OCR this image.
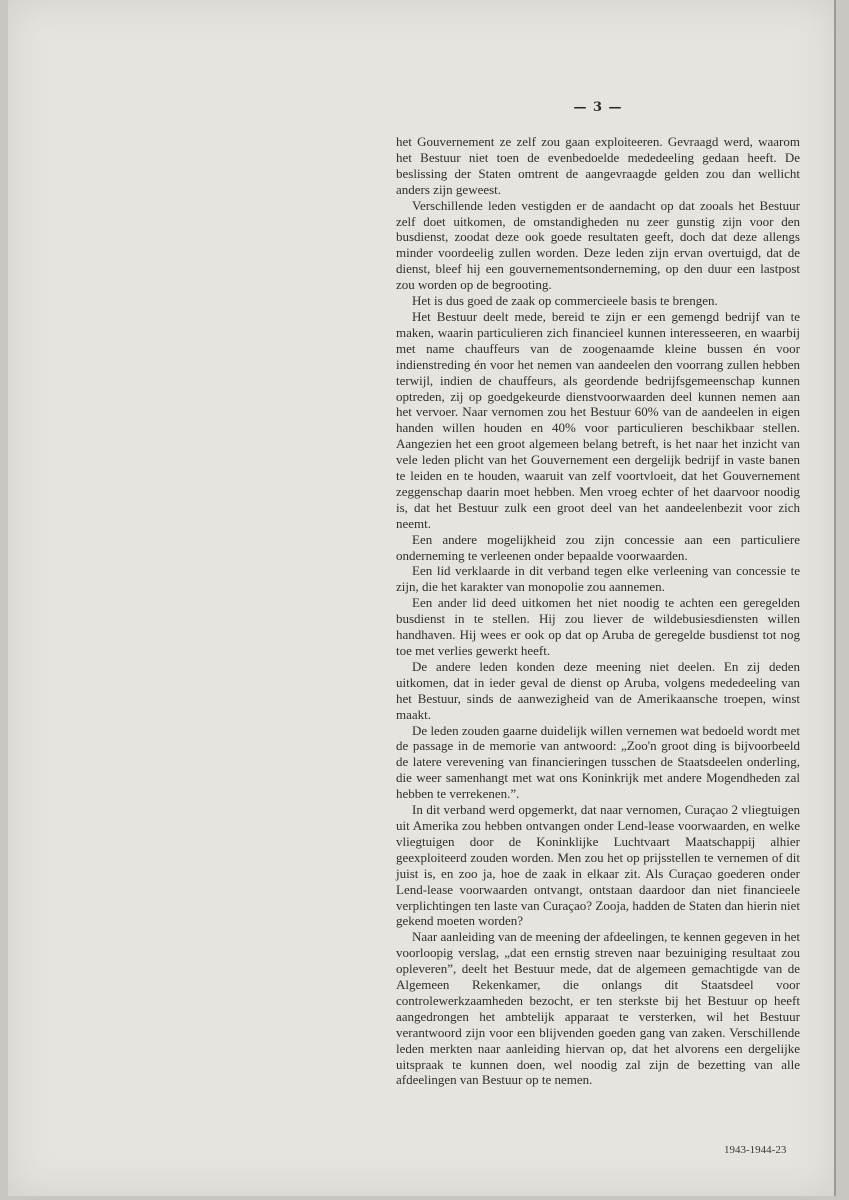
— 3 —

het Gouvernement ze zelf zou gaan exploiteeren. Gevraagd werd, waarom het Bestuur niet toen de evenbedoelde mededeeling gedaan heeft. De beslissing der Staten omtrent de aangevraagde gelden zou dan wellicht anders zijn geweest.

Verschillende leden vestigden er de aandacht op dat zooals het Bestuur zelf doet uitkomen, de omstandigheden nu zeer gunstig zijn voor den busdienst, zoodat deze ook goede resultaten geeft, doch dat deze allengs minder voordeelig zullen worden. Deze leden zijn ervan overtuigd, dat de dienst, bleef hij een gouvernementsonderneming, op den duur een lastpost zou worden op de begrooting.

Het is dus goed de zaak op commercieele basis te brengen.

Het Bestuur deelt mede, bereid te zijn er een gemengd bedrijf van te maken, waarin particulieren zich financieel kunnen interesseeren, en waarbij met name chauffeurs van de zoogenaamde kleine bussen én voor indienstreding én voor het nemen van aandeelen den voorrang zullen hebben terwijl, indien de chauffeurs, als geordende bedrijfsgemeenschap kunnen optreden, zij op goedgekeurde dienstvoorwaarden deel kunnen nemen aan het vervoer. Naar vernomen zou het Bestuur 60% van de aandeelen in eigen handen willen houden en 40% voor particulieren beschikbaar stellen. Aangezien het een groot algemeen belang betreft, is het naar het inzicht van vele leden plicht van het Gouvernement een dergelijk bedrijf in vaste banen te leiden en te houden, waaruit van zelf voortvloeit, dat het Gouvernement zeggenschap daarin moet hebben. Men vroeg echter of het daarvoor noodig is, dat het Bestuur zulk een groot deel van het aandeelenbezit voor zich neemt.

Een andere mogelijkheid zou zijn concessie aan een particuliere onderneming te verleenen onder bepaalde voorwaarden.

Een lid verklaarde in dit verband tegen elke verleening van concessie te zijn, die het karakter van monopolie zou aannemen.

Een ander lid deed uitkomen het niet noodig te achten een geregelden busdienst in te stellen. Hij zou liever de wildebusiesdiensten willen handhaven. Hij wees er ook op dat op Aruba de geregelde busdienst tot nog toe met verlies gewerkt heeft.

De andere leden konden deze meening niet deelen. En zij deden uitkomen, dat in ieder geval de dienst op Aruba, volgens mededeeling van het Bestuur, sinds de aanwezigheid van de Amerikaansche troepen, winst maakt.

De leden zouden gaarne duidelijk willen vernemen wat bedoeld wordt met de passage in de memorie van antwoord: „Zoo'n groot ding is bijvoorbeeld de latere verevening van financieringen tusschen de Staatsdeelen onderling, die weer samenhangt met wat ons Koninkrijk met andere Mogendheden zal hebben te verrekenen.”.

In dit verband werd opgemerkt, dat naar vernomen, Curaçao 2 vliegtuigen uit Amerika zou hebben ontvangen onder Lend-lease voorwaarden, en welke vliegtuigen door de Koninklijke Luchtvaart Maatschappij alhier geexploiteerd zouden worden. Men zou het op prijsstellen te vernemen of dit juist is, en zoo ja, hoe de zaak in elkaar zit. Als Curaçao goederen onder Lend-lease voorwaarden ontvangt, ontstaan daardoor dan niet financieele verplichtingen ten laste van Curaçao? Zooja, hadden de Staten dan hierin niet gekend moeten worden?

Naar aanleiding van de meening der afdeelingen, te kennen gegeven in het voorloopig verslag, „dat een ernstig streven naar bezuiniging resultaat zou opleveren”, deelt het Bestuur mede, dat de algemeen gemachtigde van de Algemeen Rekenkamer, die onlangs dit Staatsdeel voor controlewerkzaamheden bezocht, er ten sterkste bij het Bestuur op heeft aangedrongen het ambtelijk apparaat te versterken, wil het Bestuur verantwoord zijn voor een blijvenden goeden gang van zaken. Verschillende leden merkten naar aanleiding hiervan op, dat het alvorens een dergelijke uitspraak te kunnen doen, wel noodig zal zijn de bezetting van alle afdeelingen van Bestuur op te nemen.

1943-1944-23
